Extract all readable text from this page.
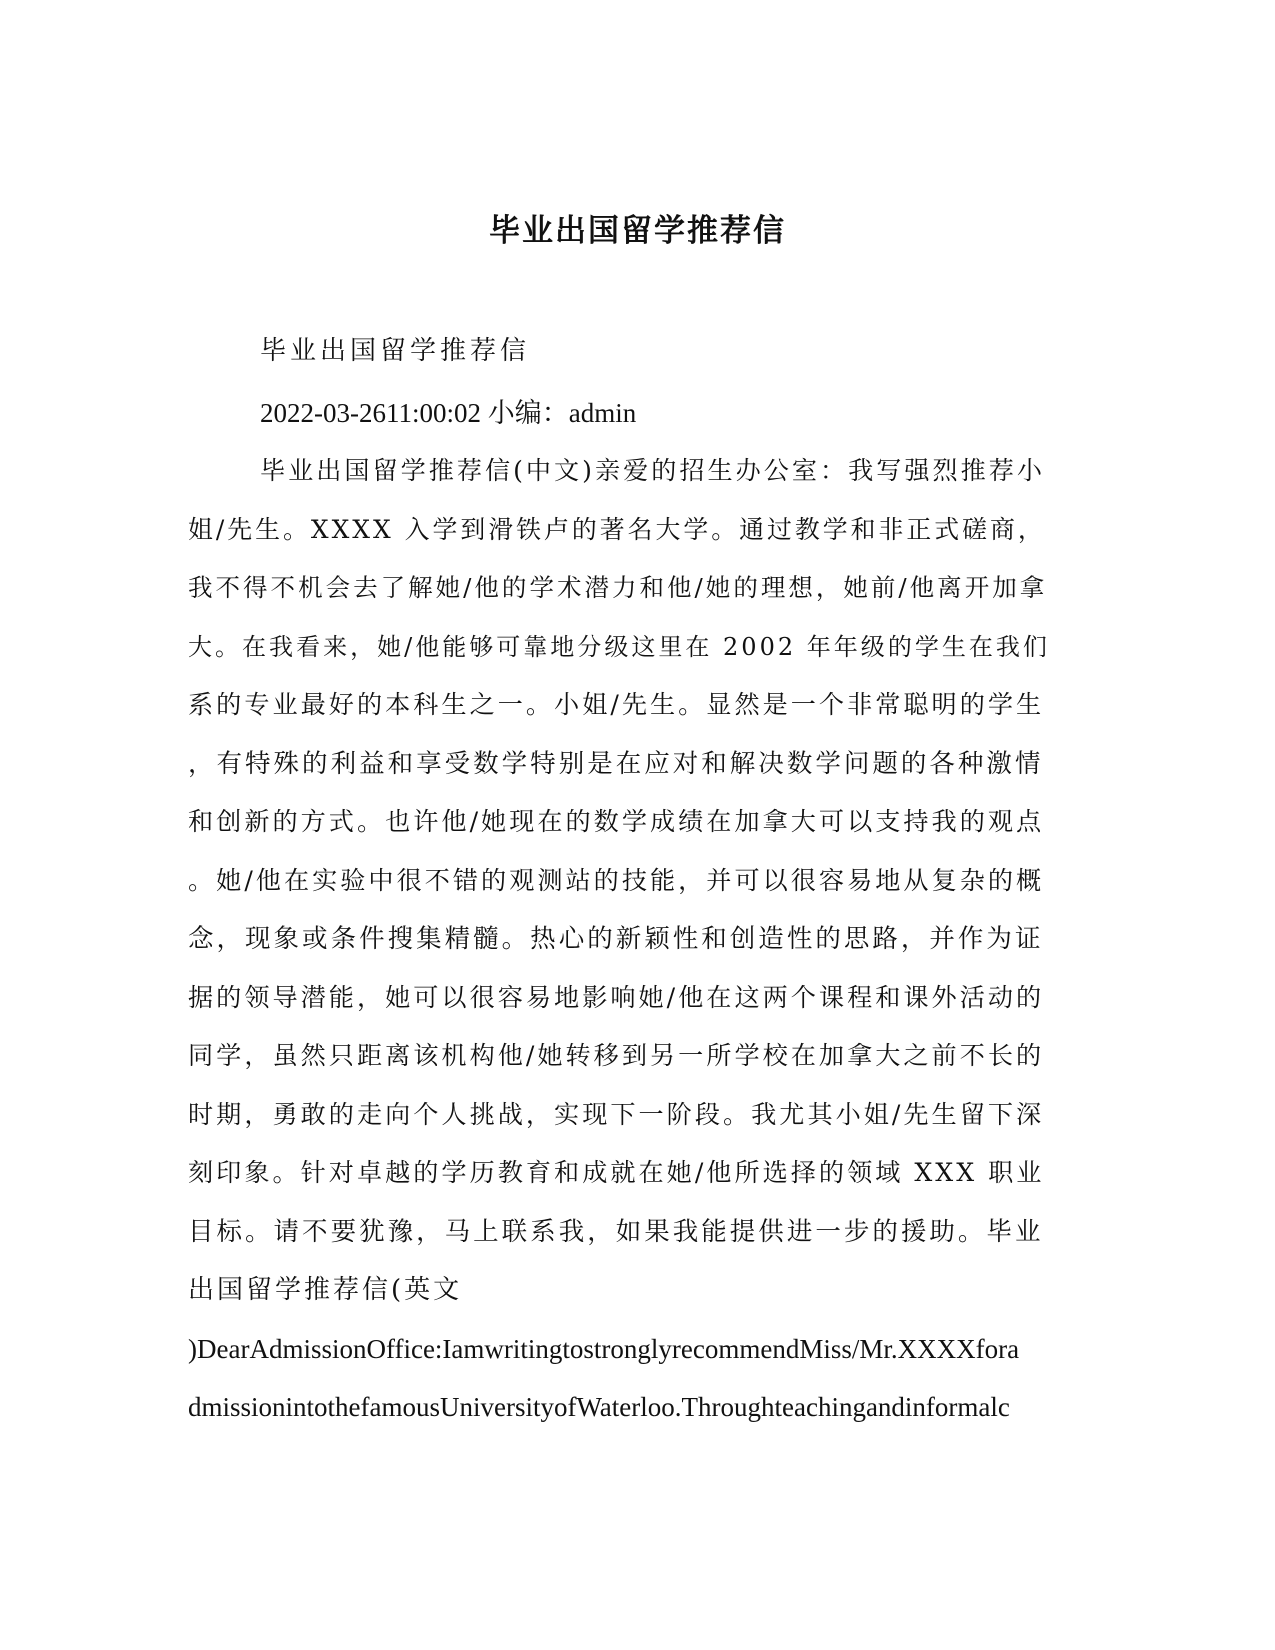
毕业出国留学推荐信
毕业出国留学推荐信
2022-03-2611:00:02 小编：admin
毕业出国留学推荐信(中文)亲爱的招生办公室：我写强烈推荐小
姐/先生。XXXX 入学到滑铁卢的著名大学。通过教学和非正式磋商，
我不得不机会去了解她/他的学术潜力和他/她的理想，她前/他离开加拿
大。在我看来，她/他能够可靠地分级这里在 2002 年年级的学生在我们
系的专业最好的本科生之一。小姐/先生。显然是一个非常聪明的学生
，有特殊的利益和享受数学特别是在应对和解决数学问题的各种激情
和创新的方式。也许他/她现在的数学成绩在加拿大可以支持我的观点
。她/他在实验中很不错的观测站的技能，并可以很容易地从复杂的概
念，现象或条件搜集精髓。热心的新颖性和创造性的思路，并作为证
据的领导潜能，她可以很容易地影响她/他在这两个课程和课外活动的
同学，虽然只距离该机构他/她转移到另一所学校在加拿大之前不长的
时期，勇敢的走向个人挑战，实现下一阶段。我尤其小姐/先生留下深
刻印象。针对卓越的学历教育和成就在她/他所选择的领域 XXX 职业
目标。请不要犹豫，马上联系我，如果我能提供进一步的援助。毕业
出国留学推荐信(英文
)DearAdmissionOffice:IamwritingtostronglyrecommendMiss/Mr.XXXXfora
dmissionintothefamousUniversityofWaterloo.Throughteachingandinformalc
